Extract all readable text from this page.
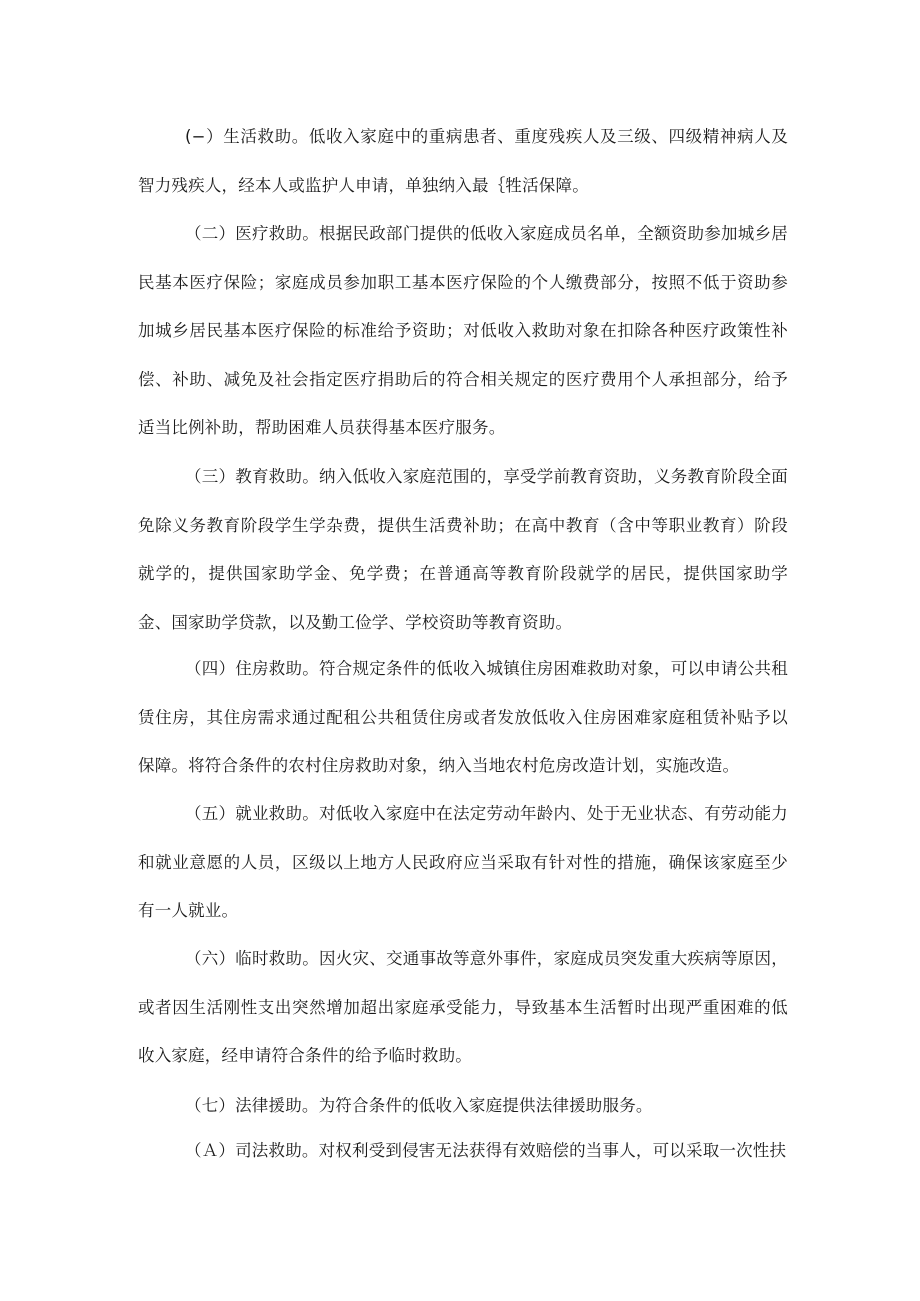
(−）生活救助。低收入家庭中的重病患者、重度残疾人及三级、四级精神病人及智力残疾人，经本人或监护人申请，单独纳入最｛牲活保障。

（二）医疗救助。根据民政部门提供的低收入家庭成员名单，全额资助参加城乡居民基本医疗保险；家庭成员参加职工基本医疗保险的个人缴费部分，按照不低于资助参加城乡居民基本医疗保险的标准给予资助；对低收入救助对象在扣除各种医疗政策性补偿、补助、减免及社会指定医疗捐助后的符合相关规定的医疗费用个人承担部分，给予适当比例补助，帮助困难人员获得基本医疗服务。

（三）教育救助。纳入低收入家庭范围的，享受学前教育资助，义务教育阶段全面免除义务教育阶段学生学杂费，提供生活费补助；在高中教育（含中等职业教育）阶段就学的，提供国家助学金、免学费；在普通高等教育阶段就学的居民，提供国家助学金、国家助学贷款，以及勤工俭学、学校资助等教育资助。

（四）住房救助。符合规定条件的低收入城镇住房困难救助对象，可以申请公共租赁住房，其住房需求通过配租公共租赁住房或者发放低收入住房困难家庭租赁补贴予以保障。将符合条件的农村住房救助对象，纳入当地农村危房改造计划，实施改造。

（五）就业救助。对低收入家庭中在法定劳动年龄内、处于无业状态、有劳动能力和就业意愿的人员，区级以上地方人民政府应当采取有针对性的措施，确保该家庭至少有一人就业。

（六）临时救助。因火灾、交通事故等意外事件，家庭成员突发重大疾病等原因，或者因生活刚性支出突然增加超出家庭承受能力，导致基本生活暂时出现严重困难的低收入家庭，经申请符合条件的给予临时救助。

（七）法律援助。为符合条件的低收入家庭提供法律援助服务。

（Ａ）司法救助。对权利受到侵害无法获得有效赔偿的当事人，可以采取一次性扶
